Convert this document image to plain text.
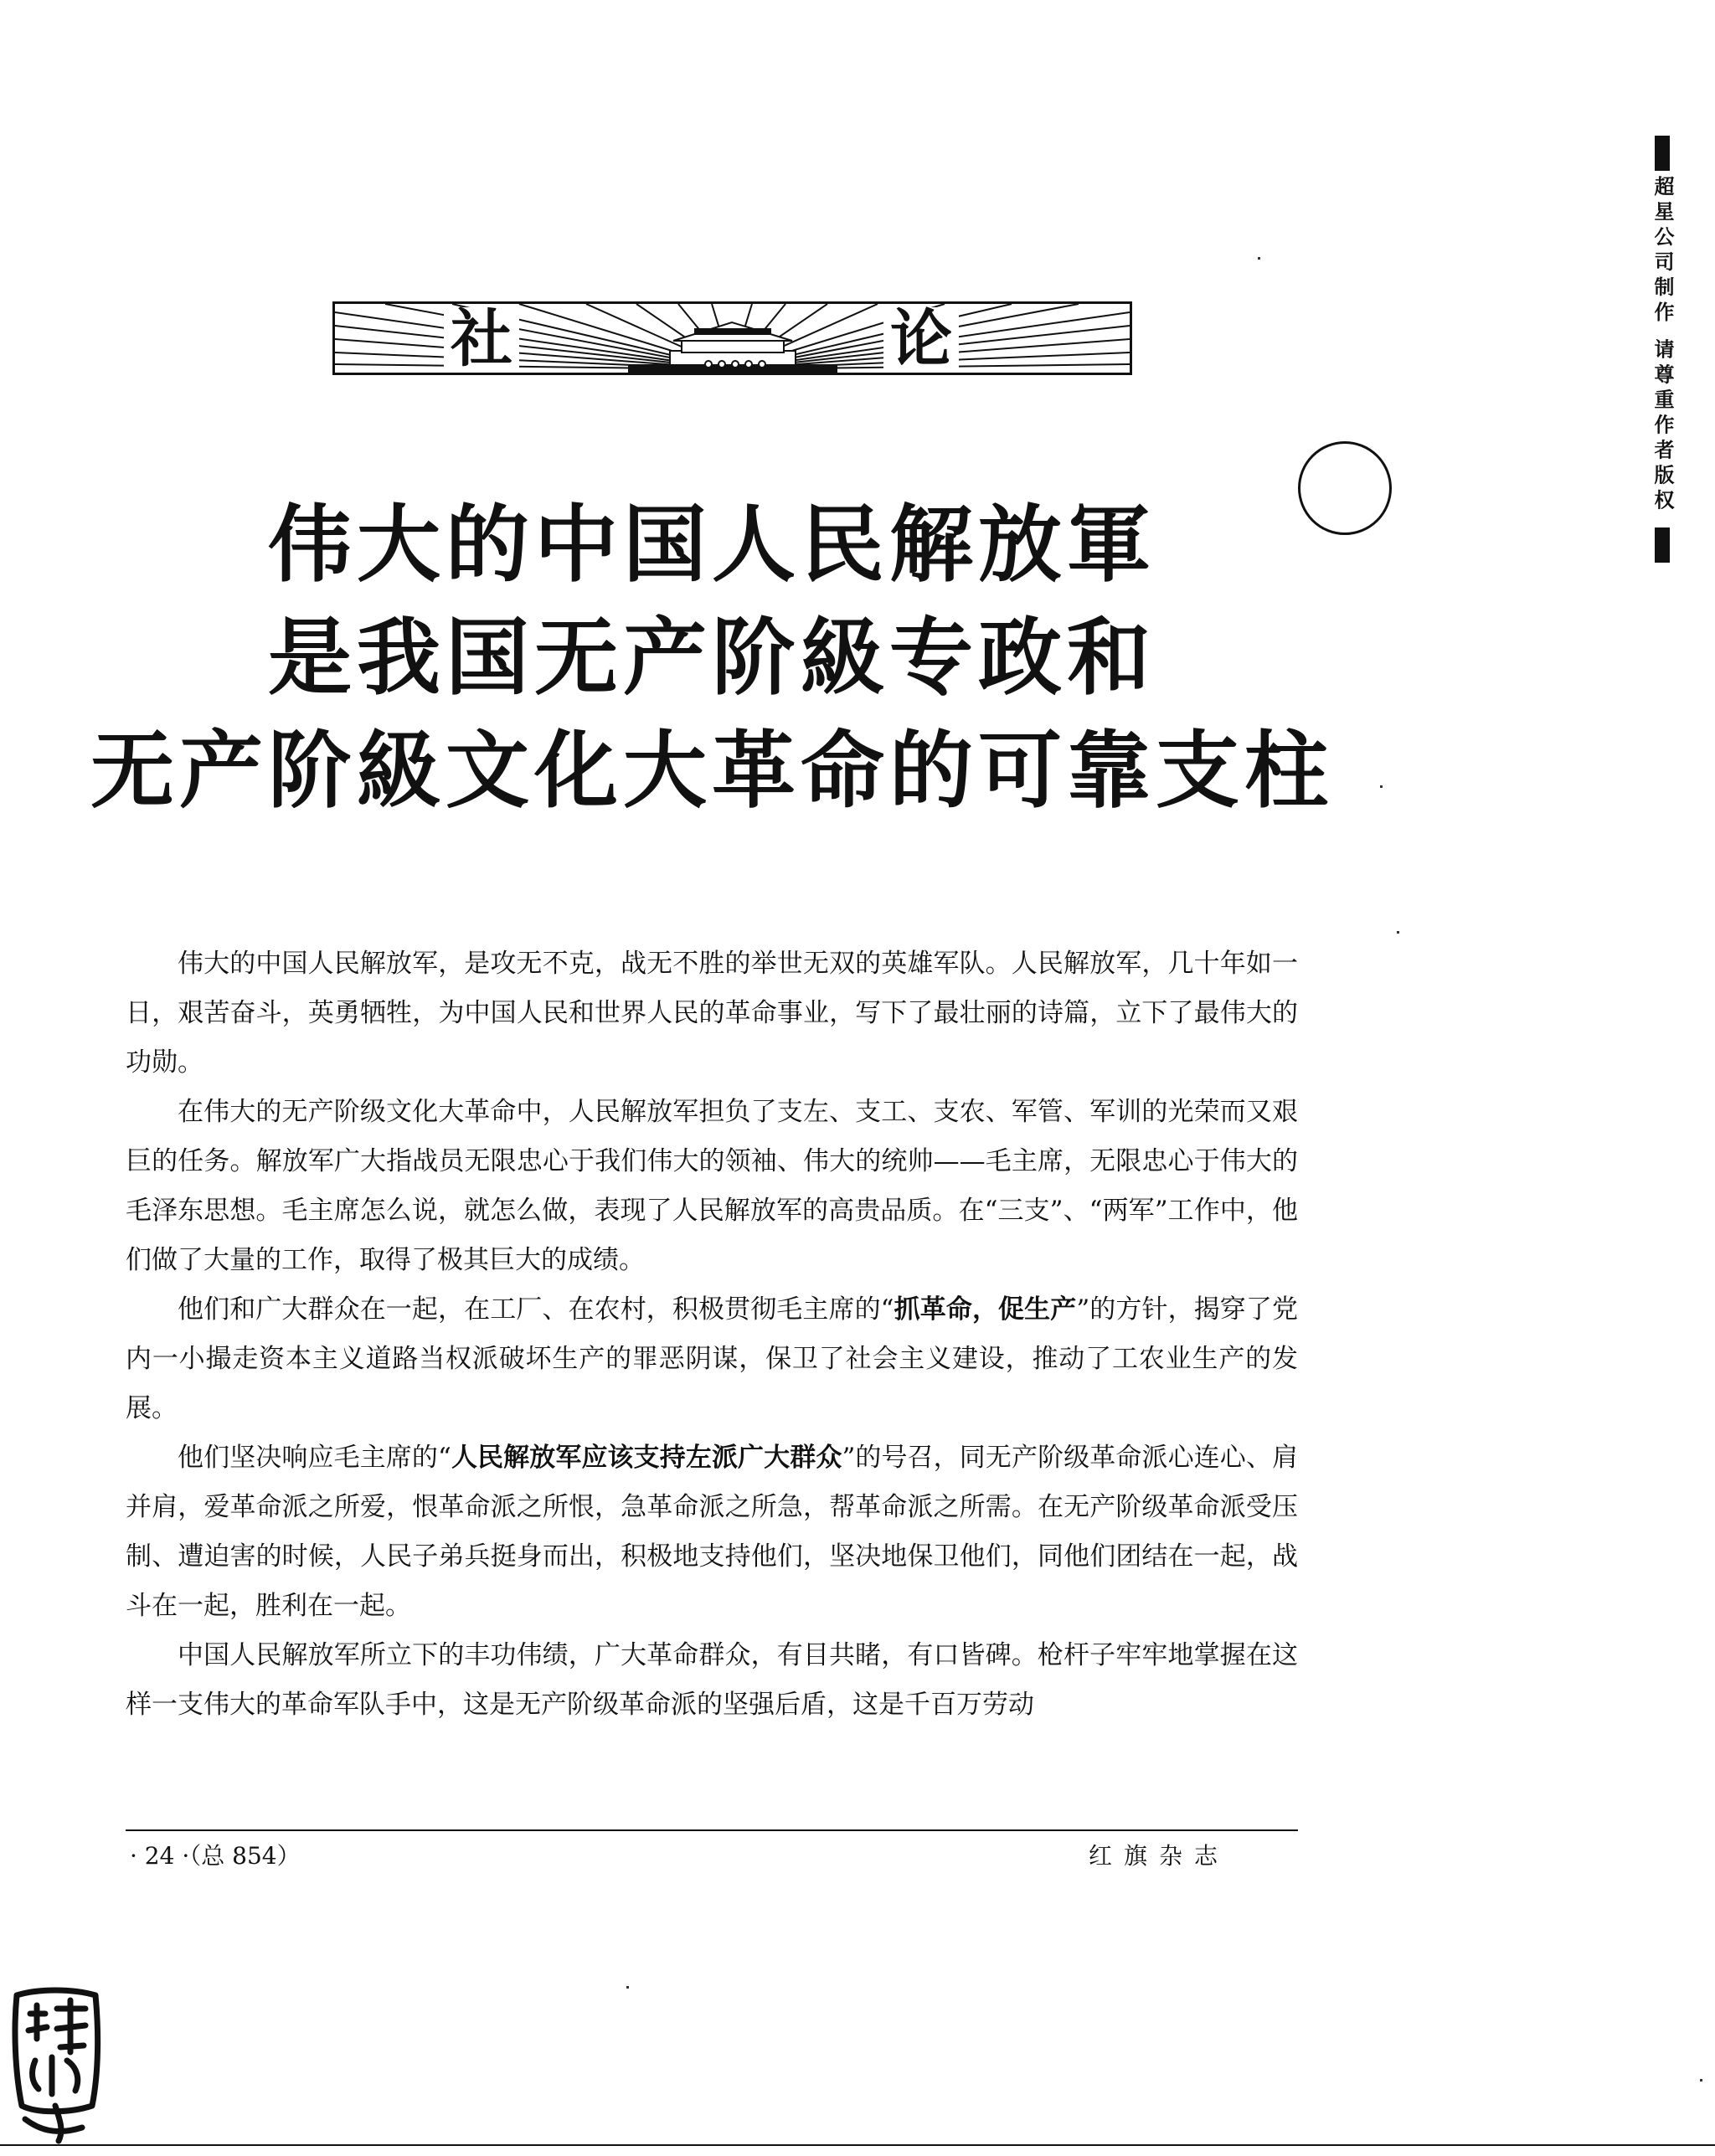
社	论
伟大的中国人民解放軍
是我国无产阶級专政和
无产阶級文化大革命的可靠支柱

伟大的中国人民解放军，是攻无不克，战无不胜的举世无双的英雄军队。人民解放军，几十年如一日，艰苦奋斗，英勇牺牲，为中国人民和世界人民的革命事业，写下了最壮丽的诗篇，立下了最伟大的功勋。

在伟大的无产阶级文化大革命中，人民解放军担负了支左、支工、支农、军管、军训的光荣而又艰巨的任务。解放军广大指战员无限忠心于我们伟大的领袖、伟大的统帅——毛主席，无限忠心于伟大的毛泽东思想。毛主席怎么说，就怎么做，表现了人民解放军的高贵品质。在“三支”、“两军”工作中，他们做了大量的工作，取得了极其巨大的成绩。

他们和广大群众在一起，在工厂、在农村，积极贯彻毛主席的“抓革命，促生产”的方针，揭穿了党内一小撮走资本主义道路当权派破坏生产的罪恶阴谋，保卫了社会主义建设，推动了工农业生产的发展。

他们坚决响应毛主席的“人民解放军应该支持左派广大群众”的号召，同无产阶级革命派心连心、肩并肩，爱革命派之所爱，恨革命派之所恨，急革命派之所急，帮革命派之所需。在无产阶级革命派受压制、遭迫害的时候，人民子弟兵挺身而出，积极地支持他们，坚决地保卫他们，同他们团结在一起，战斗在一起，胜利在一起。

中国人民解放军所立下的丰功伟绩，广大革命群众，有目共睹，有口皆碑。枪杆子牢牢地掌握在这样一支伟大的革命军队手中，这是无产阶级革命派的坚强后盾，这是千百万劳动

· 24 ·（总 854）	红旗杂志
超星公司制作 请尊重作者版权
